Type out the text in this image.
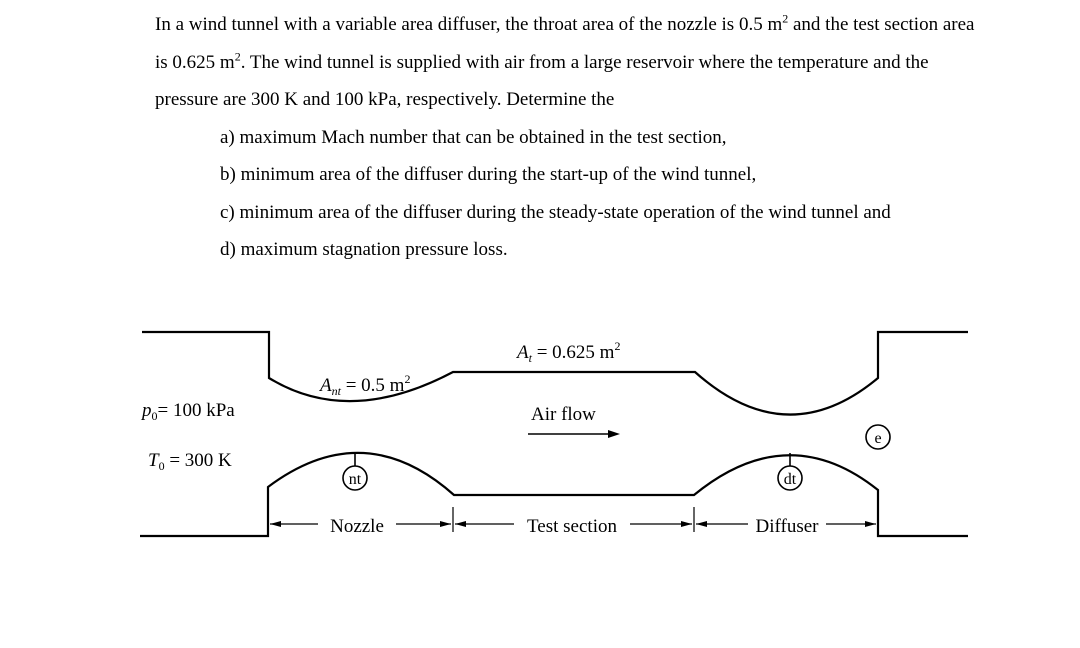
In a wind tunnel with a variable area diffuser, the throat area of the nozzle is 0.5 $m^2$ and the test section area is 0.625 $m^2$. The wind tunnel is supplied with air from a large reservoir where the temperature and the pressure are 300 K and 100 kPa, respectively. Determine the

a) maximum Mach number that can be obtained in the test section,
b) minimum area of the diffuser during the start-up of the wind tunnel,
c) minimum area of the diffuser during the steady-state operation of the wind tunnel and
d) maximum stagnation pressure loss.
nt	dt
e
$p_0= 100$ kPa
$T_0 = 300$ K
$A_{nt} = 0.5$ $m^2$
$A_t = 0.625$ $m^2$
Air flow
Nozzle	Test section	Diffuser
